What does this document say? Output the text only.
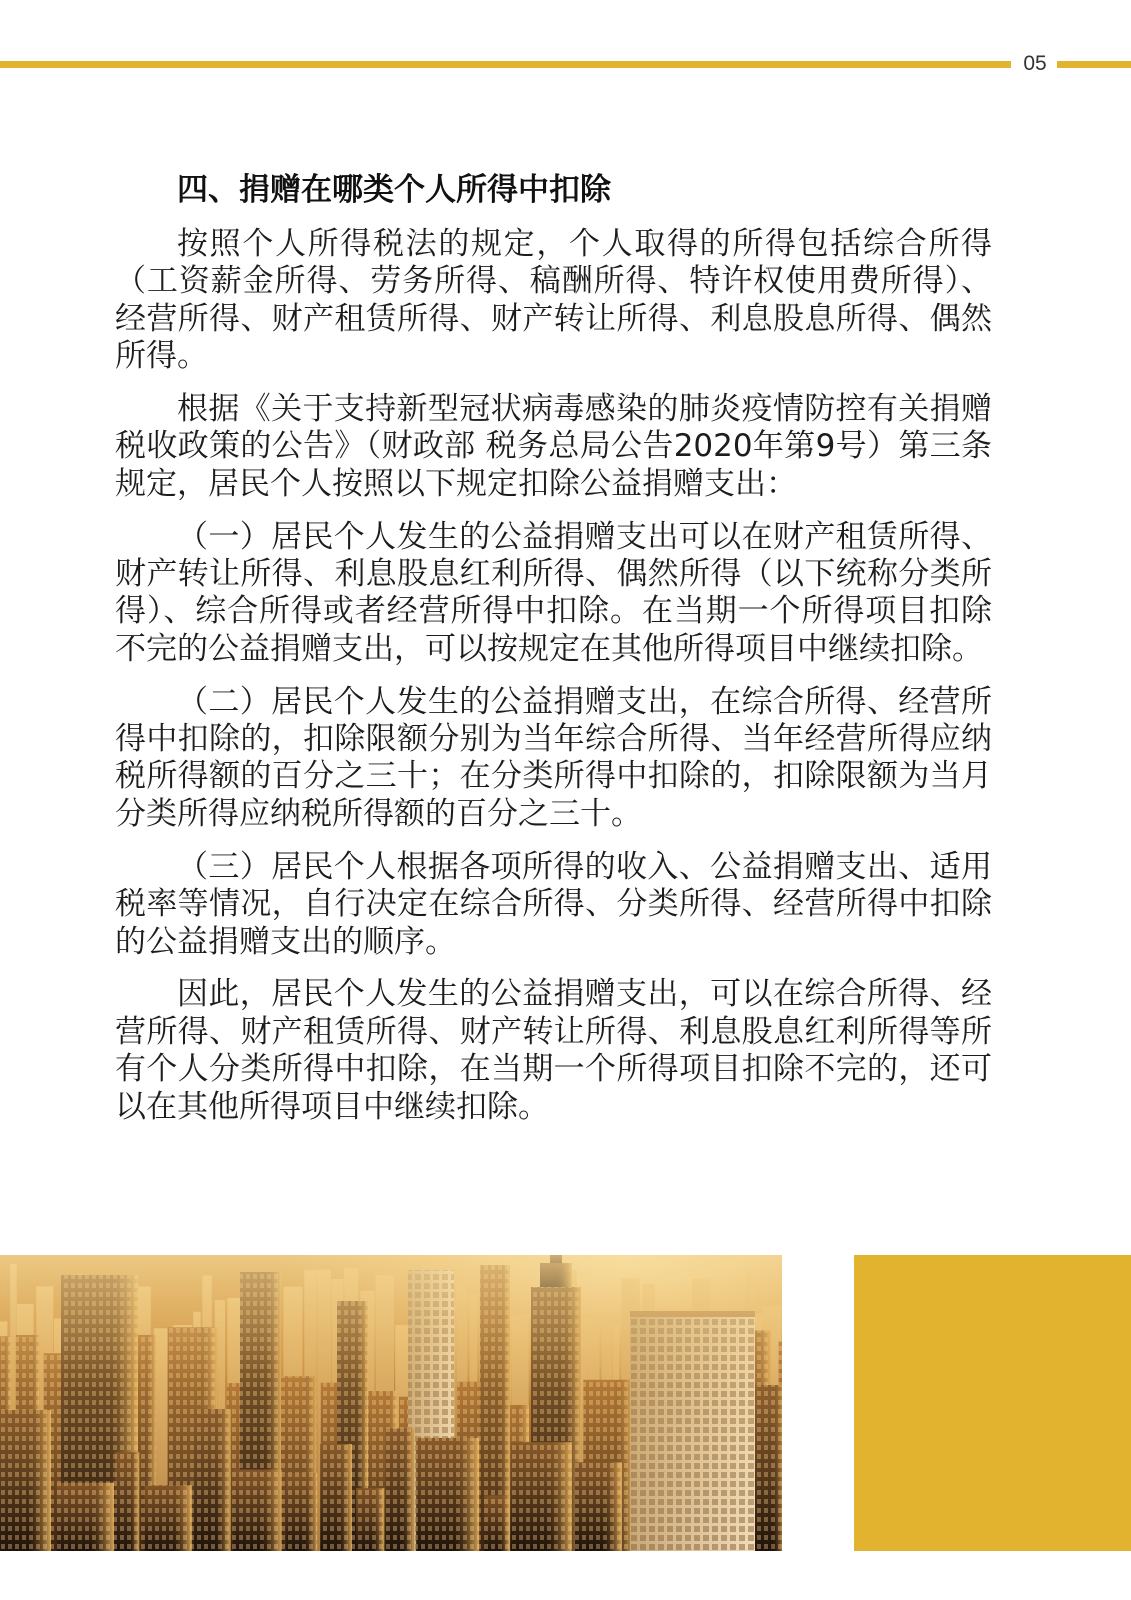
05
四、捐赠在哪类个人所得中扣除
按照个人所得税法的规定，个人取得的所得包括综合所得
（工资薪金所得、劳务所得、稿酬所得、特许权使用费所得）、
经营所得、财产租赁所得、财产转让所得、利息股息所得、偶然
所得。
根据《关于支持新型冠状病毒感染的肺炎疫情防控有关捐赠
税收政策的公告》（财政部 税务总局公告2020年第9号）第三条
规定，居民个人按照以下规定扣除公益捐赠支出：
（一）居民个人发生的公益捐赠支出可以在财产租赁所得、
财产转让所得、利息股息红利所得、偶然所得（以下统称分类所
得）、综合所得或者经营所得中扣除。在当期一个所得项目扣除
不完的公益捐赠支出，可以按规定在其他所得项目中继续扣除。
（二）居民个人发生的公益捐赠支出，在综合所得、经营所
得中扣除的，扣除限额分别为当年综合所得、当年经营所得应纳
税所得额的百分之三十；在分类所得中扣除的，扣除限额为当月
分类所得应纳税所得额的百分之三十。
（三）居民个人根据各项所得的收入、公益捐赠支出、适用
税率等情况，自行决定在综合所得、分类所得、经营所得中扣除
的公益捐赠支出的顺序。
因此，居民个人发生的公益捐赠支出，可以在综合所得、经
营所得、财产租赁所得、财产转让所得、利息股息红利所得等所
有个人分类所得中扣除，在当期一个所得项目扣除不完的，还可
以在其他所得项目中继续扣除。
